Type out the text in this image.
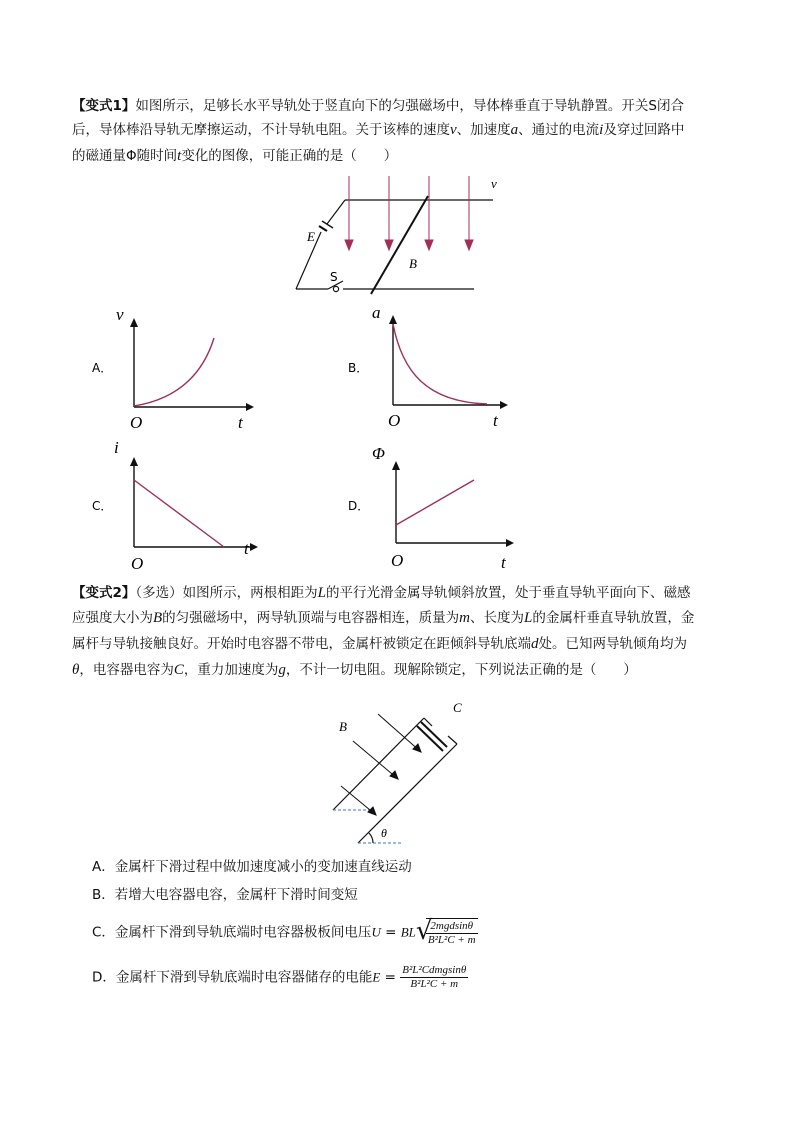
【变式1】如图所示，足够长水平导轨处于竖直向下的匀强磁场中，导体棒垂直于导轨静置。开关S闭合
后，导体棒沿导轨无摩擦运动，不计导轨电阻。关于该棒的速度v、加速度a、通过的电流i及穿过回路中
的磁通量Φ随时间t变化的图像，可能正确的是（　　）
v
E
B
S
v
O	t
A．
a
O	t
B．
i
O
t
C．
Φ
O	t
D．
B
C
θ
【变式2】（多选）如图所示，两根相距为L的平行光滑金属导轨倾斜放置，处于垂直导轨平面向下、磁感
应强度大小为B的匀强磁场中，两导轨顶端与电容器相连，质量为m、长度为L的金属杆垂直导轨放置，金
属杆与导轨接触良好。开始时电容器不带电，金属杆被锁定在距倾斜导轨底端d处。已知两导轨倾角均为
θ，电容器电容为C，重力加速度为g，不计一切电阻。现解除锁定，下列说法正确的是（　　）
A．金属杆下滑过程中做加速度减小的变加速直线运动
B．若增大电容器电容，金属杆下滑时间变短
C．金属杆下滑到导轨底端时电容器极板间电压U = BL √
$\frac{\text{2mgdsinθ}}{\text{B²L²C + m}}$
D．金属杆下滑到导轨底端时电容器储存的电能$E = \frac{\text{B²L²Cdmgsinθ}}{\text{B²L²C + m}}$
